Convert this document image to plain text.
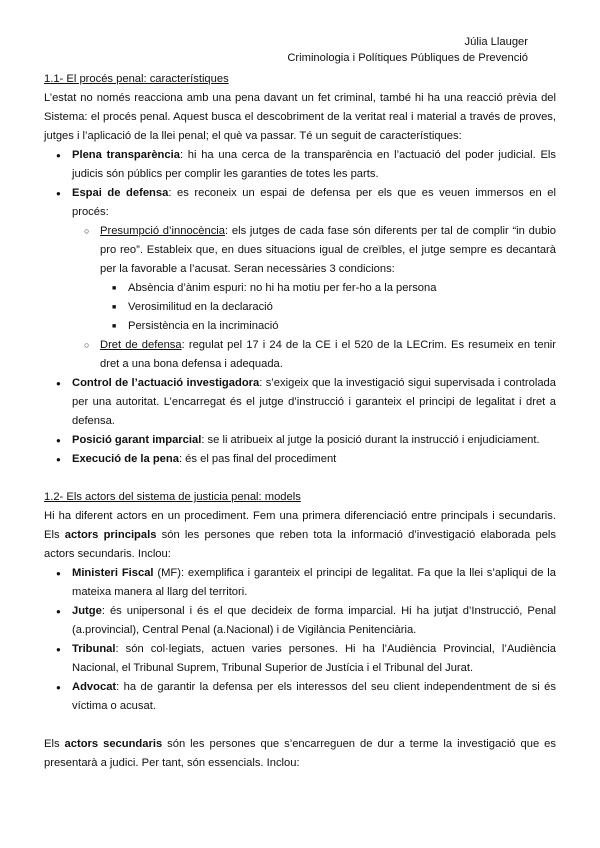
Júlia Llauger
Criminologia i Polítiques Públiques de Prevenció

1.1- El procés penal: característiques

L’estat no només reacciona amb una pena davant un fet criminal, també hi ha una reacció prèvia del Sistema: el procés penal. Aquest busca el descobriment de la veritat real i material a través de proves, jutges i l’aplicació de la llei penal; el què va passar. Té un seguit de característiques:

● Plena transparència: hi ha una cerca de la transparència en l’actuació del poder judicial. Els judicis són públics per complir les garanties de totes les parts.
● Espai de defensa: es reconeix un espai de defensa per els que es veuen immersos en el procés:
○ Presumpció d’innocència: els jutges de cada fase són diferents per tal de complir “in dubio pro reo”. Estableix que, en dues situacions igual de creïbles, el jutge sempre es decantarà per la favorable a l’acusat. Seran necessàries 3 condicions:
■ Absència d’ànim espuri: no hi ha motiu per fer-ho a la persona
■ Verosimilitud en la declaració
■ Persistència en la incriminació
○ Dret de defensa: regulat pel 17 i 24 de la CE i el 520 de la LECrim. Es resumeix en tenir dret a una bona defensa i adequada.
● Control de l’actuació investigadora: s’exigeix que la investigació sigui supervisada i controlada per una autoritat. L’encarregat és el jutge d’instrucció i garanteix el principi de legalitat i dret a defensa.
● Posició garant imparcial: se li atribueix al jutge la posició durant la instrucció i enjudiciament.
● Execució de la pena: és el pas final del procediment

1.2- Els actors del sistema de justicia penal: models

Hi ha diferent actors en un procediment. Fem una primera diferenciació entre principals i secundaris. Els actors principals són les persones que reben tota la informació d’investigació elaborada pels actors secundaris. Inclou:

● Ministeri Fiscal (MF): exemplifica i garanteix el principi de legalitat. Fa que la llei s’apliqui de la mateixa manera al llarg del territori.
● Jutge: és unipersonal i és el que decideix de forma imparcial. Hi ha jutjat d’Instrucció, Penal (a.provincial), Central Penal (a.Nacional) i de Vigilància Penitenciària.
● Tribunal: són col·legiats, actuen varies persones. Hi ha l’Audiència Provincial, l’Audiència Nacional, el Tribunal Suprem, Tribunal Superior de Justícia i el Tribunal del Jurat.
● Advocat: ha de garantir la defensa per els interessos del seu client independentment de si és víctima o acusat.

Els actors secundaris són les persones que s’encarreguen de dur a terme la investigació que es presentarà a judici. Per tant, són essencials. Inclou:
